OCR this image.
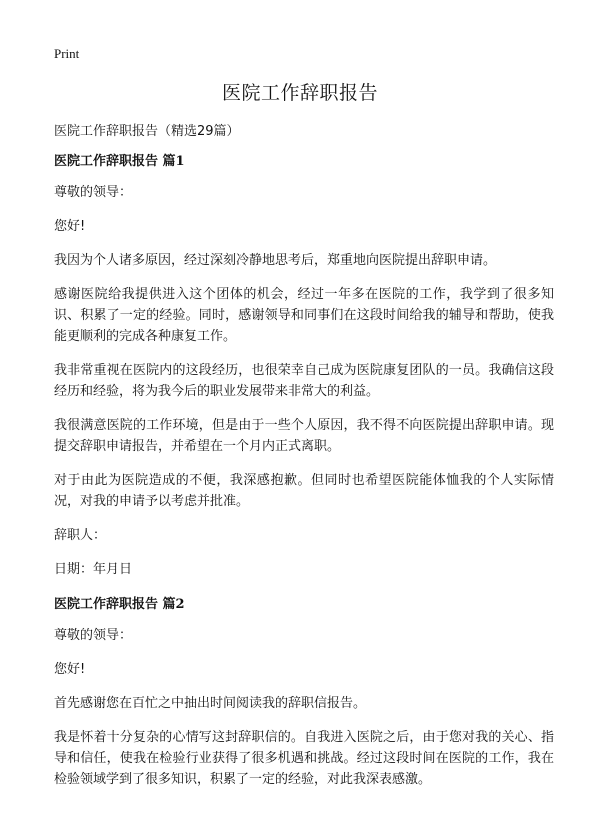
Print
医院工作辞职报告

医院工作辞职报告（精选29篇）

医院工作辞职报告 篇1

尊敬的领导：

您好!

我因为个人诸多原因，经过深刻冷静地思考后，郑重地向医院提出辞职申请。

感谢医院给我提供进入这个团体的机会，经过一年多在医院的工作，我学到了很多知识、积累了一定的经验。同时，感谢领导和同事们在这段时间给我的辅导和帮助，使我能更顺利的完成各种康复工作。

我非常重视在医院内的这段经历，也很荣幸自己成为医院康复团队的一员。我确信这段经历和经验，将为我今后的职业发展带来非常大的利益。

我很满意医院的工作环境，但是由于一些个人原因，我不得不向医院提出辞职申请。现提交辞职申请报告，并希望在一个月内正式离职。

对于由此为医院造成的不便，我深感抱歉。但同时也希望医院能体恤我的个人实际情况，对我的申请予以考虑并批准。

辞职人：

日期：年月日

医院工作辞职报告 篇2

尊敬的领导：

您好!

首先感谢您在百忙之中抽出时间阅读我的辞职信报告。

我是怀着十分复杂的心情写这封辞职信的。自我进入医院之后，由于您对我的关心、指导和信任，使我在检验行业获得了很多机遇和挑战。经过这段时间在医院的工作，我在检验领域学到了很多知识，积累了一定的经验，对此我深表感激。
